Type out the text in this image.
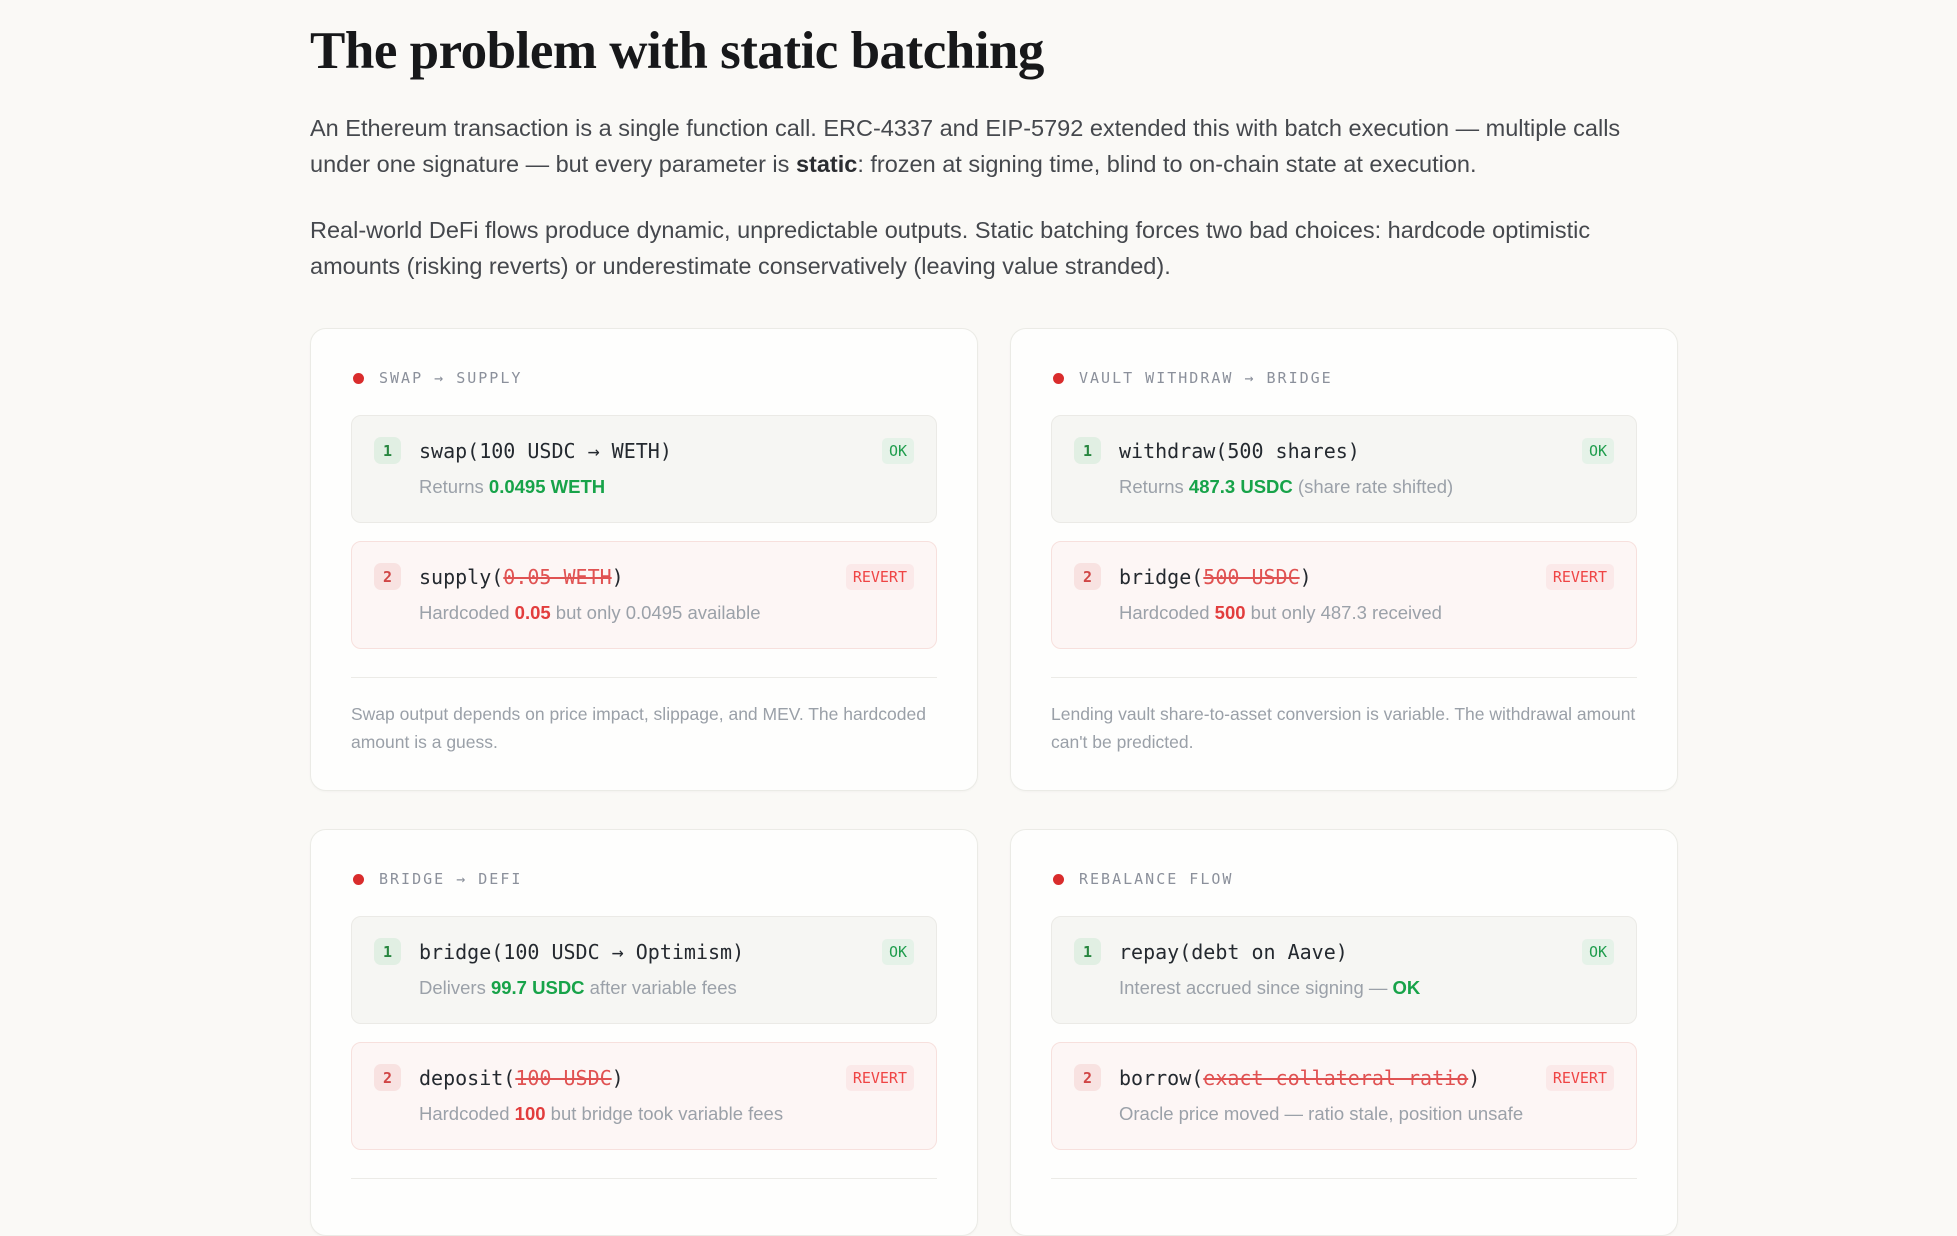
The problem with static batching

An Ethereum transaction is a single function call. ERC-4337 and EIP-5792 extended this with batch execution — multiple calls under one signature — but every parameter is static: frozen at signing time, blind to on-chain state at execution.

Real-world DeFi flows produce dynamic, unpredictable outputs. Static batching forces two bad choices: hardcode optimistic amounts (risking reverts) or underestimate conservatively (leaving value stranded).

SWAP → SUPPLY
1	swap(100 USDC → WETH)	OK
Returns 0.0495 WETH
2	supply(0.05 WETH)	REVERT
Hardcoded 0.05 but only 0.0495 available

Swap output depends on price impact, slippage, and MEV. The hardcoded amount is a guess.

VAULT WITHDRAW → BRIDGE
1	withdraw(500 shares)	OK
Returns 487.3 USDC (share rate shifted)
2	bridge(500 USDC)	REVERT
Hardcoded 500 but only 487.3 received

Lending vault share-to-asset conversion is variable. The withdrawal amount can't be predicted.

BRIDGE → DEFI
1	bridge(100 USDC → Optimism)	OK
Delivers 99.7 USDC after variable fees
2	deposit(100 USDC)	REVERT
Hardcoded 100 but bridge took variable fees

REBALANCE FLOW
1	repay(debt on Aave)	OK
Interest accrued since signing — OK
2	borrow(exact collateral ratio)	REVERT
Oracle price moved — ratio stale, position unsafe
